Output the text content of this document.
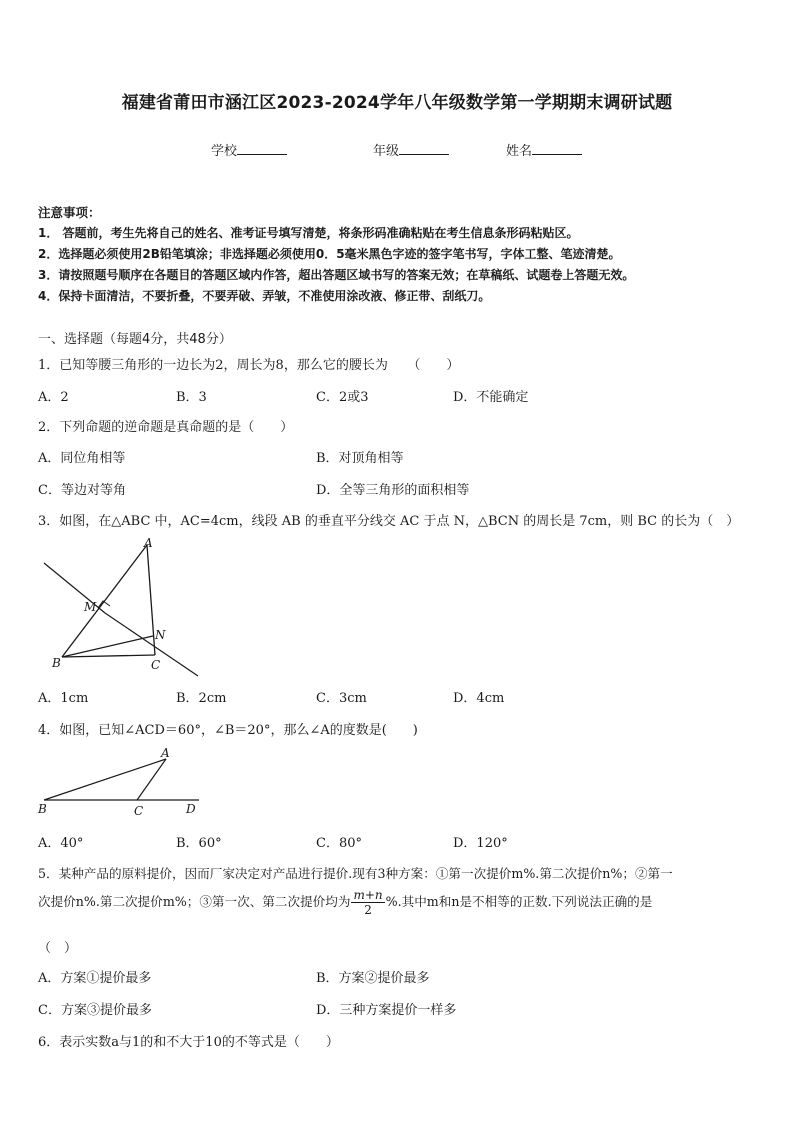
福建省莆田市涵江区2023-2024学年八年级数学第一学期期末调研试题
学校	年级	姓名
注意事项：
1． 答题前，考生先将自己的姓名、准考证号填写清楚，将条形码准确粘贴在考生信息条形码粘贴区。
2．选择题必须使用2B铅笔填涂；非选择题必须使用0．5毫米黑色字迹的签字笔书写，字体工整、笔迹清楚。
3．请按照题号顺序在各题目的答题区域内作答，超出答题区域书写的答案无效；在草稿纸、试题卷上答题无效。
4．保持卡面清洁，不要折叠，不要弄破、弄皱，不准使用涂改液、修正带、刮纸刀。
一、选择题（每题4分，共48分）
1．已知等腰三角形的一边长为2，周长为8，那么它的腰长为　　（　　）
A．2	B．3	C．2或3	D．不能确定
2．下列命题的逆命题是真命题的是（　　）
A．同位角相等	B．对顶角相等
C．等边对等角	D．全等三角形的面积相等
3．如图，在△ABC 中，AC=4cm，线段 AB 的垂直平分线交 AC 于点 N，△BCN 的周长是 7cm，则 BC 的长为（　）
A
M
N
B	C
A．1cm	B．2cm	C．3cm	D．4cm
4．如图，已知∠ACD＝60°，∠B＝20°，那么∠A的度数是(　　)
A
B	C	D
A．40°	B．60°	C．80°	D．120°
5．某种产品的原料提价，因而厂家决定对产品进行提价.现有3种方案：①第一次提价m%.第二次提价n%；②第一
次提价n%.第二次提价m%；③第一次、第二次提价均为 $\frac{m+n}{2}$ %.其中m和n是不相等的正数.下列说法正确的是
（　）
A．方案①提价最多	B．方案②提价最多
C．方案③提价最多	D．三种方案提价一样多
6．表示实数a与1的和不大于10的不等式是（　　）
